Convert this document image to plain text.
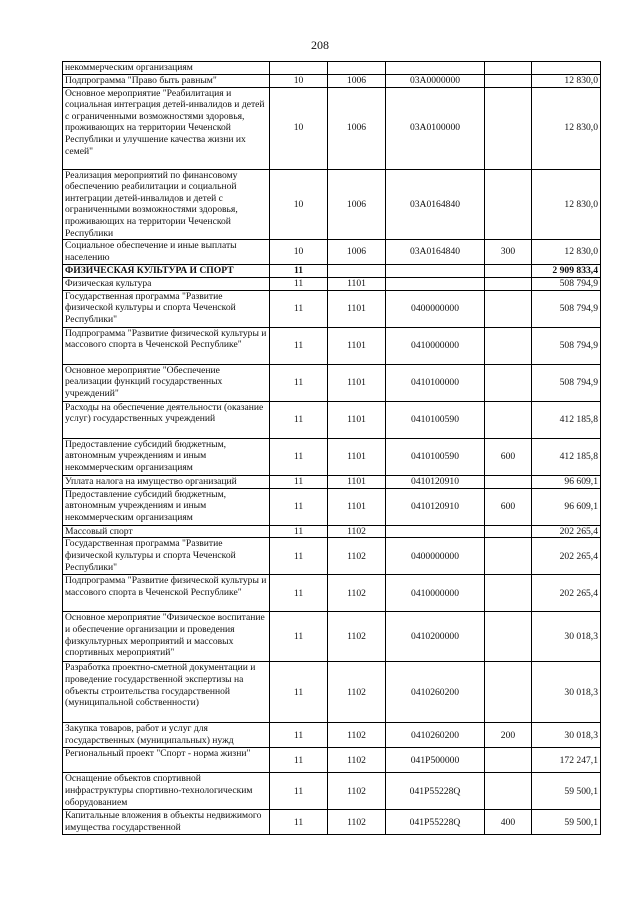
208
некоммерческим организациям					
Подпрограмма "Право быть равным"	10	1006	03А0000000		12 830,0
Основное мероприятие "Реабилитация и социальная интеграция детей-инвалидов и детей с ограниченными возможностями здоровья, проживающих на территории Чеченской Республики и улучшение качества жизни их семей"	10	1006	03А0100000		12 830,0
Реализация мероприятий по финансовому обеспечению реабилитации и социальной интеграции детей-инвалидов и детей с ограниченными возможностями здоровья, проживающих на территории Чеченской Республики	10	1006	03А0164840		12 830,0
Социальное обеспечение и иные выплаты населению	10	1006	03А0164840	300	12 830,0
ФИЗИЧЕСКАЯ КУЛЬТУРА И СПОРТ	11				2 909 833,4
Физическая культура	11	1101			508 794,9
Государственная программа "Развитие физической культуры и спорта Чеченской Республики"	11	1101	0400000000		508 794,9
Подпрограмма "Развитие физической культуры и массового спорта в Чеченской Республике"	11	1101	0410000000		508 794,9
Основное мероприятие "Обеспечение реализации функций государственных учреждений"	11	1101	0410100000		508 794,9
Расходы на обеспечение деятельности (оказание услуг) государственных учреждений	11	1101	0410100590		412 185,8
Предоставление субсидий бюджетным, автономным учреждениям и иным некоммерческим организациям	11	1101	0410100590	600	412 185,8
Уплата налога на имущество организаций	11	1101	0410120910		96 609,1
Предоставление субсидий бюджетным, автономным учреждениям и иным некоммерческим организациям	11	1101	0410120910	600	96 609,1
Массовый спорт	11	1102			202 265,4
Государственная программа "Развитие физической культуры и спорта Чеченской Республики"	11	1102	0400000000		202 265,4
Подпрограмма "Развитие физической культуры и массового спорта в Чеченской Республике"	11	1102	0410000000		202 265,4
Основное мероприятие "Физическое воспитание и обеспечение организации и проведения физкультурных мероприятий и массовых спортивных мероприятий"	11	1102	0410200000		30 018,3
Разработка проектно-сметной документации и проведение государственной экспертизы на объекты строительства государственной (муниципальной собственности)	11	1102	0410260200		30 018,3
Закупка товаров, работ и услуг для государственных (муниципальных) нужд	11	1102	0410260200	200	30 018,3
Региональный проект "Спорт - норма жизни"	11	1102	041P500000		172 247,1
Оснащение объектов спортивной инфраструктуры спортивно-технологическим оборудованием	11	1102	041P55228Q		59 500,1
Капитальные вложения в объекты недвижимого имущества государственной	11	1102	041P55228Q	400	59 500,1
